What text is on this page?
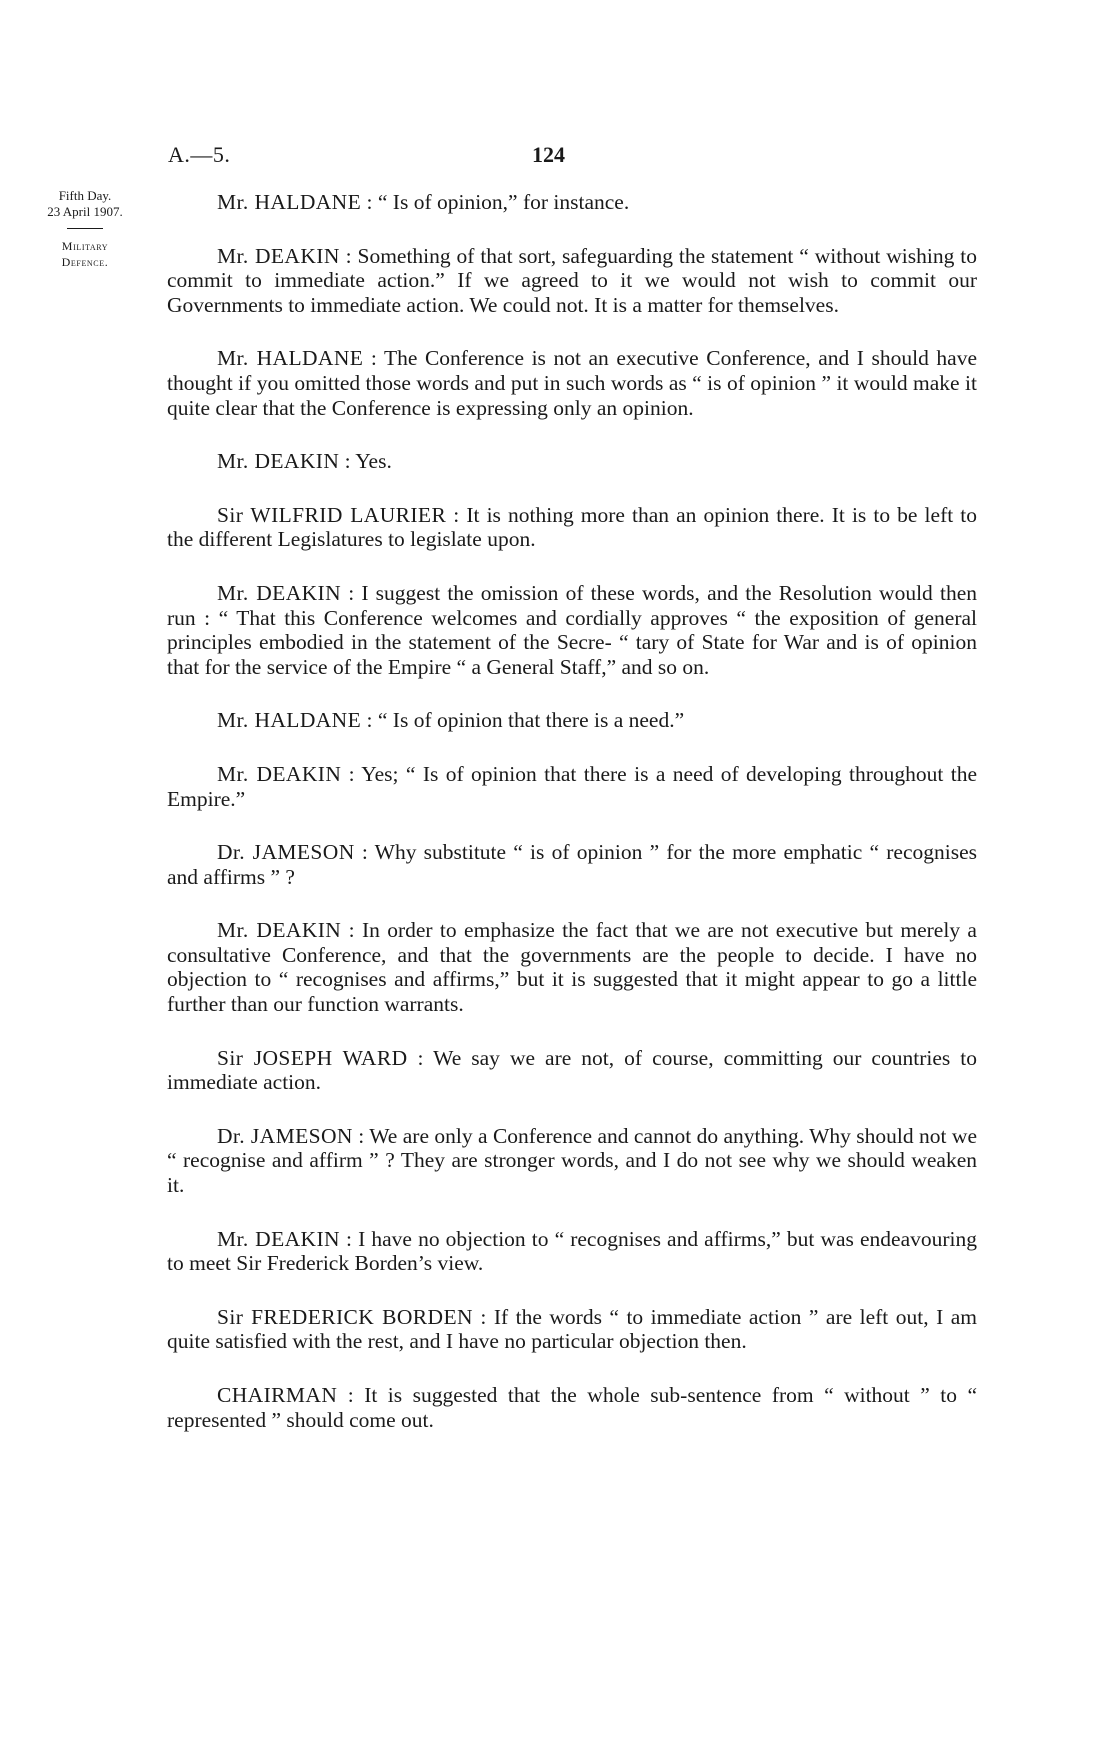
A.—5.	124
Fifth Day.
23 April 1907.
Military
Defence.

Mr. HALDANE : “ Is of opinion,” for instance.

Mr. DEAKIN : Something of that sort, safeguarding the statement “ without wishing to commit to immediate action.” If we agreed to it we would not wish to commit our Governments to immediate action. We could not. It is a matter for themselves.

Mr. HALDANE : The Conference is not an executive Conference, and I should have thought if you omitted those words and put in such words as “ is of opinion ” it would make it quite clear that the Conference is expressing only an opinion.

Mr. DEAKIN : Yes.

Sir WILFRID LAURIER : It is nothing more than an opinion there. It is to be left to the different Legislatures to legislate upon.

Mr. DEAKIN : I suggest the omission of these words, and the Resolution would then run : “ That this Conference welcomes and cordially approves “ the exposition of general principles embodied in the statement of the Secre- “ tary of State for War and is of opinion that for the service of the Empire “ a General Staff,” and so on.

Mr. HALDANE : “ Is of opinion that there is a need.”

Mr. DEAKIN : Yes; “ Is of opinion that there is a need of developing throughout the Empire.”

Dr. JAMESON : Why substitute “ is of opinion ” for the more emphatic “ recognises and affirms ” ?

Mr. DEAKIN : In order to emphasize the fact that we are not executive but merely a consultative Conference, and that the governments are the people to decide. I have no objection to “ recognises and affirms,” but it is suggested that it might appear to go a little further than our function warrants.

Sir JOSEPH WARD : We say we are not, of course, committing our countries to immediate action.

Dr. JAMESON : We are only a Conference and cannot do anything. Why should not we “ recognise and affirm ” ? They are stronger words, and I do not see why we should weaken it.

Mr. DEAKIN : I have no objection to “ recognises and affirms,” but was endeavouring to meet Sir Frederick Borden’s view.

Sir FREDERICK BORDEN : If the words “ to immediate action ” are left out, I am quite satisfied with the rest, and I have no particular objection then.

CHAIRMAN : It is suggested that the whole sub-sentence from “ without ” to “ represented ” should come out.
